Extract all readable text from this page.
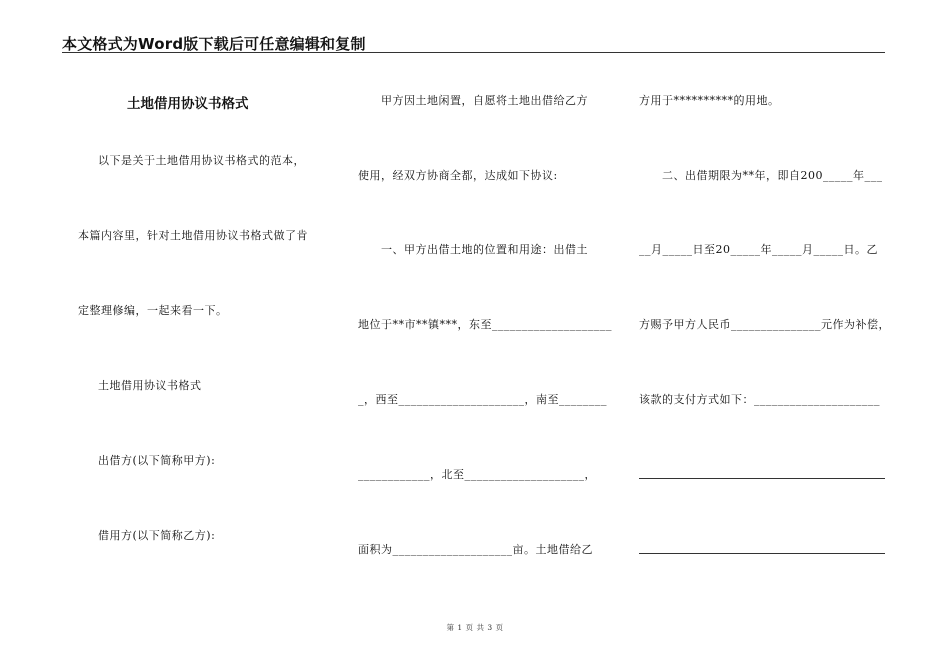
本文格式为Word版下载后可任意编辑和复制
土地借用协议书格式
以下是关于土地借用协议书格式的范本，
本篇内容里，针对土地借用协议书格式做了肯
定整理修编，一起来看一下。
土地借用协议书格式
出借方(以下简称甲方):
借用方(以下简称乙方):
甲方因土地闲置，自愿将土地出借给乙方
使用，经双方协商全都，达成如下协议:
一、甲方出借土地的位置和用途：出借土
地位于**市**镇***，东至____________________
_，西至_____________________，南至________
____________，北至____________________，
面积为____________________亩。土地借给乙
方用于**********的用地。
二、出借期限为**年，即自200_____年___
__月_____日至20_____年_____月_____日。乙
方赐予甲方人民币_______________元作为补偿，
该款的支付方式如下：_____________________
第 1 页 共 3 页
